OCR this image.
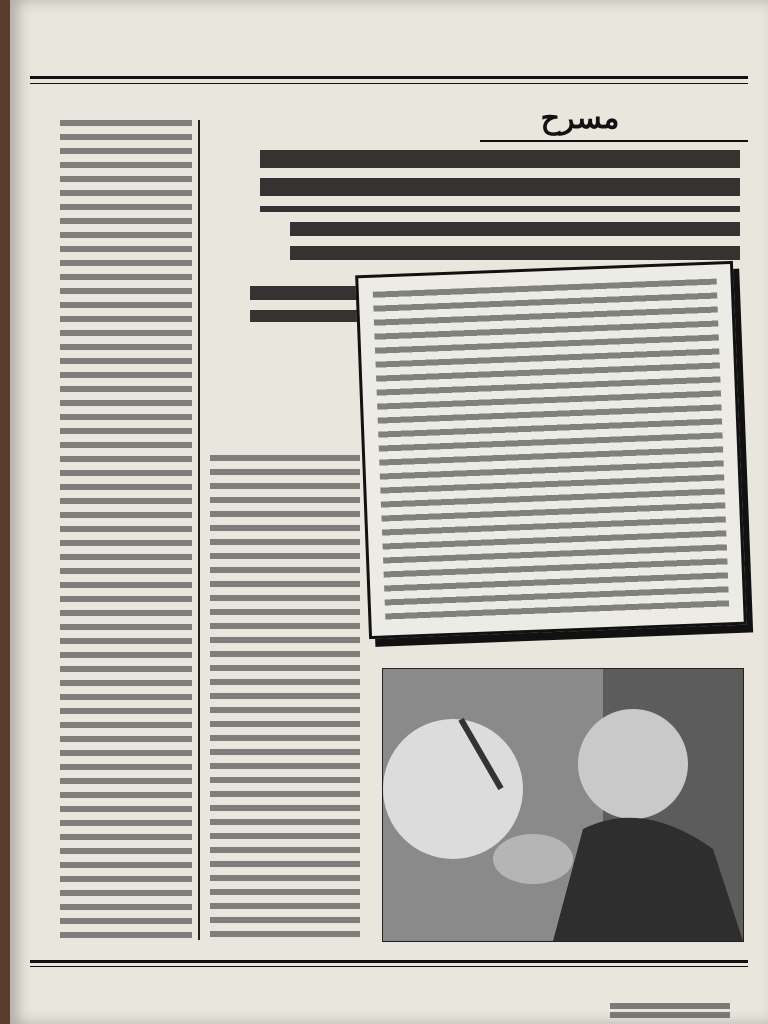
مسرح
